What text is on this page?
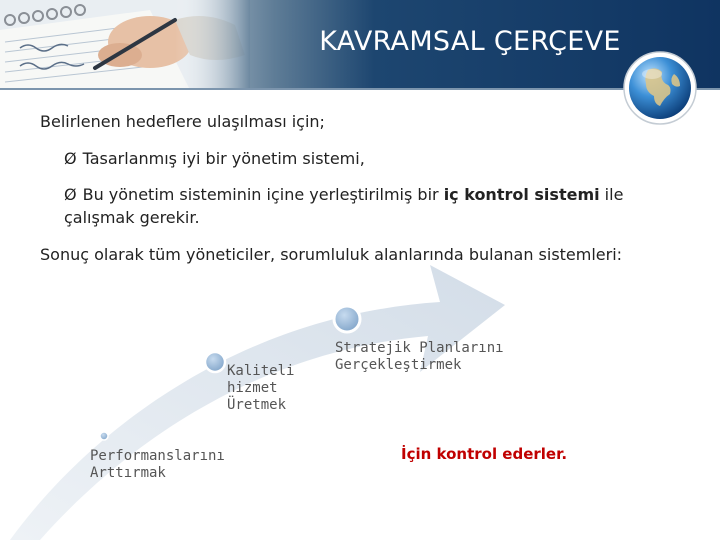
KAVRAMSAL ÇERÇEVE
Belirlenen hedeflere ulaşılması için;
Ø Tasarlanmış iyi bir yönetim sistemi,
Ø Bu yönetim sisteminin içine yerleştirilmiş bir iç kontrol sistemi ile çalışmak gerekir.
Sonuç olarak tüm yöneticiler, sorumluluk alanlarında bulanan sistemleri:
Performanslarını
Arttırmak
Kaliteli
hizmet
Üretmek
Stratejik Planlarını
Gerçekleştirmek
İçin kontrol ederler.
